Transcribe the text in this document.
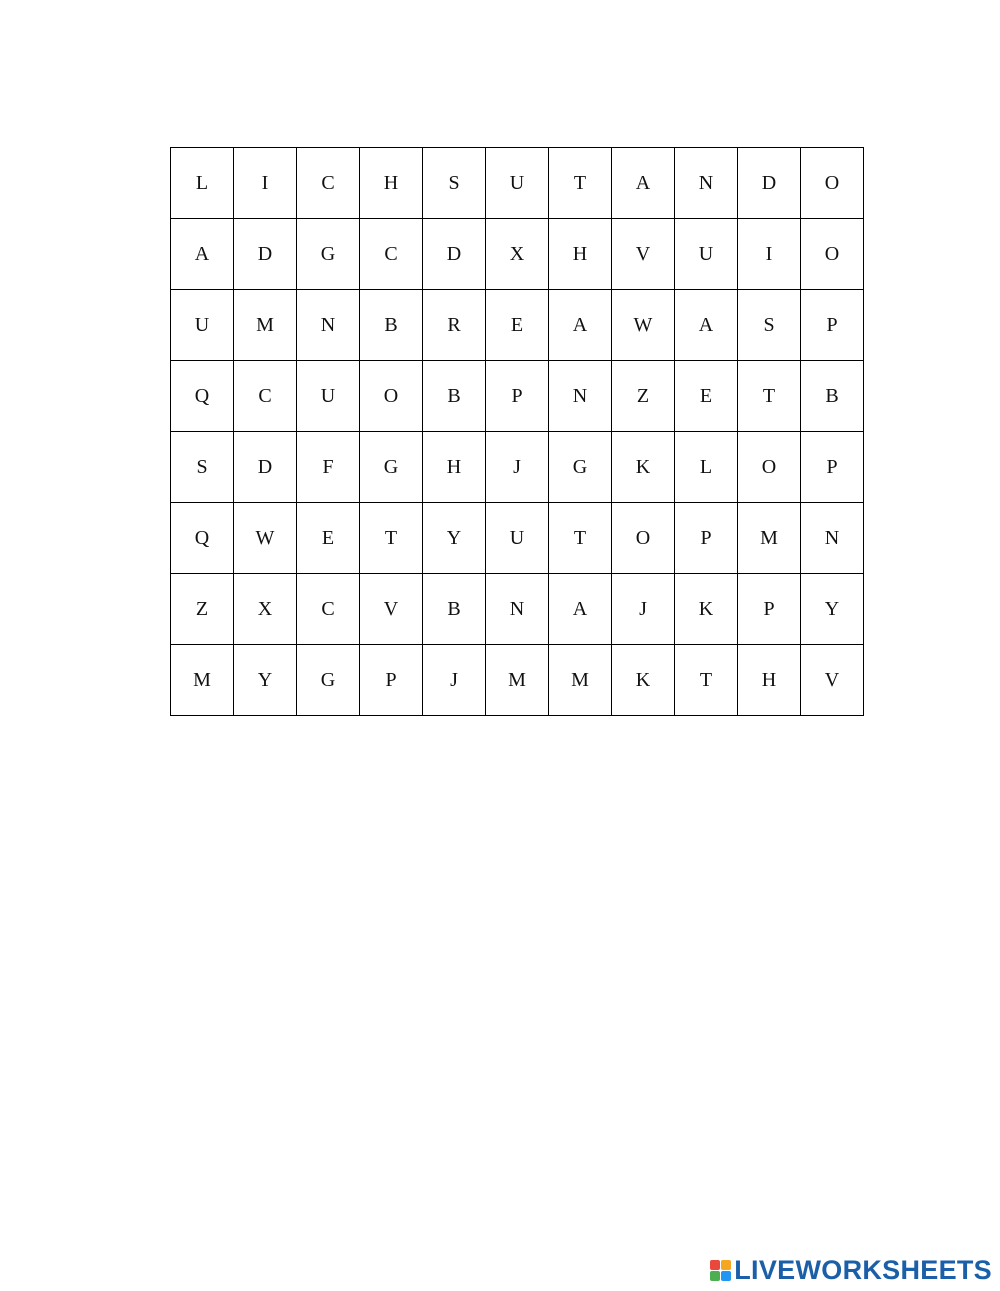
L	I	C	H	S	U	T	A	N	D	O
A	D	G	C	D	X	H	V	U	I	O
U	M	N	B	R	E	A	W	A	S	P
Q	C	U	O	B	P	N	Z	E	T	B
S	D	F	G	H	J	G	K	L	O	P
Q	W	E	T	Y	U	T	O	P	M	N
Z	X	C	V	B	N	A	J	K	P	Y
M	Y	G	P	J	M	M	K	T	H	V
LIVEWORKSHEETS
